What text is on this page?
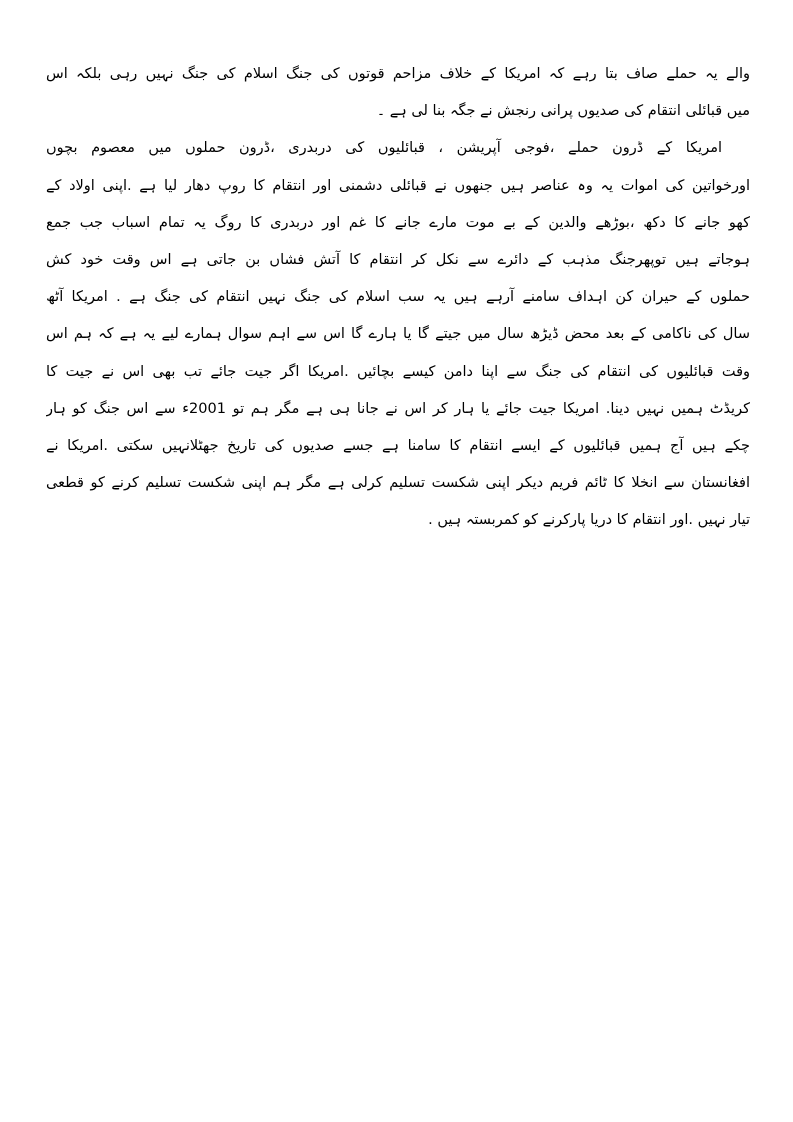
والے یہ حملے صاف بتا رہے کہ امریکا کے خلاف مزاحم قوتوں کی جنگ اسلام کی جنگ نہیں رہی بلکہ اس
میں قبائلی انتقام کی صدیوں پرانی رنجش نے جگہ بنا لی ہے ۔
امریکا کے ڈرون حملے ،فوجی آپریشن ، قبائلیوں کی دربدری ،ڈرون حملوں میں معصوم بچوں
اورخواتین کی اموات یہ وہ عناصر ہیں جنھوں نے قبائلی دشمنی اور انتقام کا روپ دھار لیا ہے .اپنی اولاد کے
کھو جانے کا دکھ ،بوڑھے والدین کے بے موت مارے جانے کا غم اور دربدری کا روگ یہ تمام اسباب جب جمع
ہوجاتے ہیں توپھرجنگ مذہب کے دائرے سے نکل کر انتقام کا آتش فشاں بن جاتی ہے اس وقت خود کش
حملوں کے حیران کن اہداف سامنے آرہے ہیں یہ سب اسلام کی جنگ نہیں انتقام کی جنگ ہے . امریکا آٹھ
سال کی ناکامی کے بعد محض ڈیڑھ سال میں جیتے گا یا ہارے گا اس سے اہم سوال ہمارے لیے یہ ہے کہ ہم اس
وقت قبائلیوں کی انتقام کی جنگ سے اپنا دامن کیسے بچائیں .امریکا اگر جیت جائے تب بھی اس نے جیت کا
کریڈٹ ہمیں نہیں دینا. امریکا جیت جائے یا ہار کر اس نے جانا ہی ہے مگر ہم تو 2001ء سے اس جنگ کو ہار
چکے ہیں آج ہمیں قبائلیوں کے ایسے انتقام کا سامنا ہے جسے صدیوں کی تاریخ جھٹلانہیں سکتی .امریکا نے
افغانستان سے انخلا کا ٹائم فریم دیکر اپنی شکست تسلیم کرلی ہے مگر ہم اپنی شکست تسلیم کرنے کو قطعی
تیار نہیں .اور انتقام کا دریا پارکرنے کو کمربستہ ہیں .
